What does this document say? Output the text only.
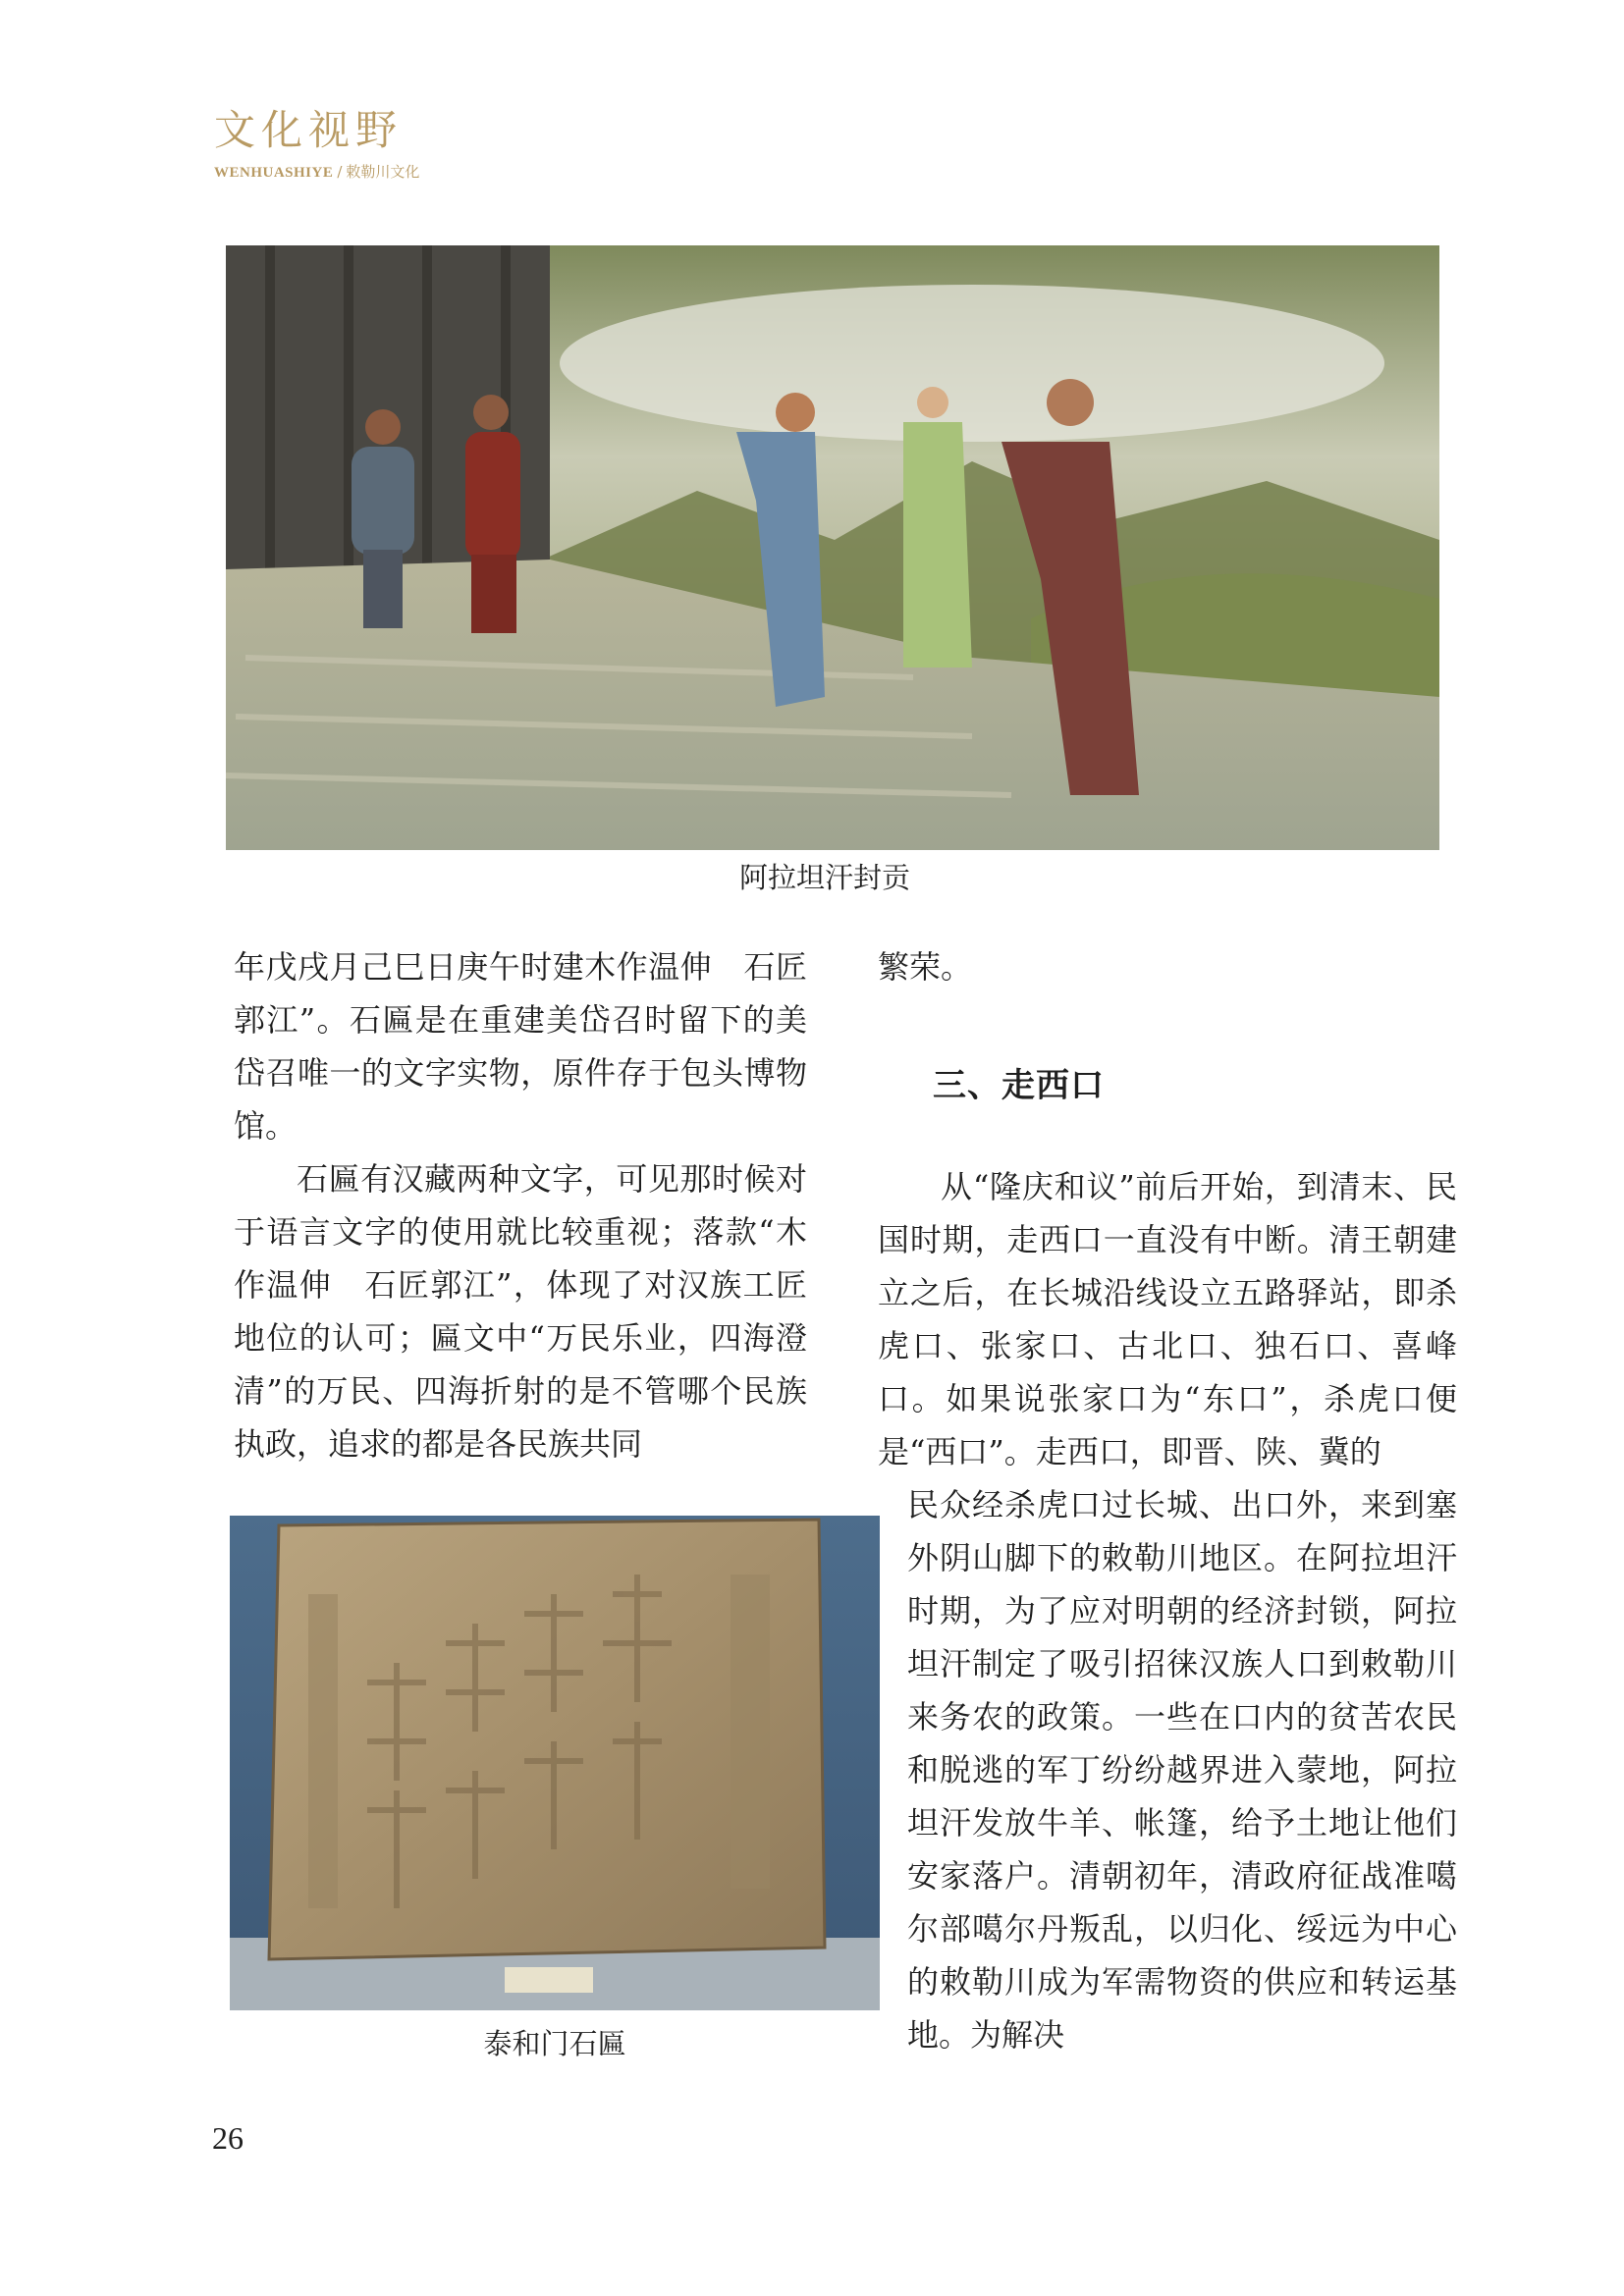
文化视野
WENHUASHIYE / 敕勒川文化
阿拉坦汗封贡

年戊戌月己巳日庚午时建木作温伸　石匠郭江”。石匾是在重建美岱召时留下的美岱召唯一的文字实物，原件存于包头博物馆。

石匾有汉藏两种文字，可见那时候对于语言文字的使用就比较重视；落款“木作温伸　石匠郭江”，体现了对汉族工匠地位的认可；匾文中“万民乐业，四海澄清”的万民、四海折射的是不管哪个民族执政，追求的都是各民族共同

泰和门石匾

繁荣。

三、走西口

从“隆庆和议”前后开始，到清末、民国时期，走西口一直没有中断。清王朝建立之后，在长城沿线设立五路驿站，即杀虎口、张家口、古北口、独石口、喜峰口。如果说张家口为“东口”，杀虎口便是“西口”。走西口，即晋、陕、冀的

民众经杀虎口过长城、出口外，来到塞外阴山脚下的敕勒川地区。在阿拉坦汗时期，为了应对明朝的经济封锁，阿拉坦汗制定了吸引招徕汉族人口到敕勒川来务农的政策。一些在口内的贫苦农民和脱逃的军丁纷纷越界进入蒙地，阿拉坦汗发放牛羊、帐篷，给予土地让他们安家落户。清朝初年，清政府征战准噶尔部噶尔丹叛乱，以归化、绥远为中心的敕勒川成为军需物资的供应和转运基地。为解决

26
